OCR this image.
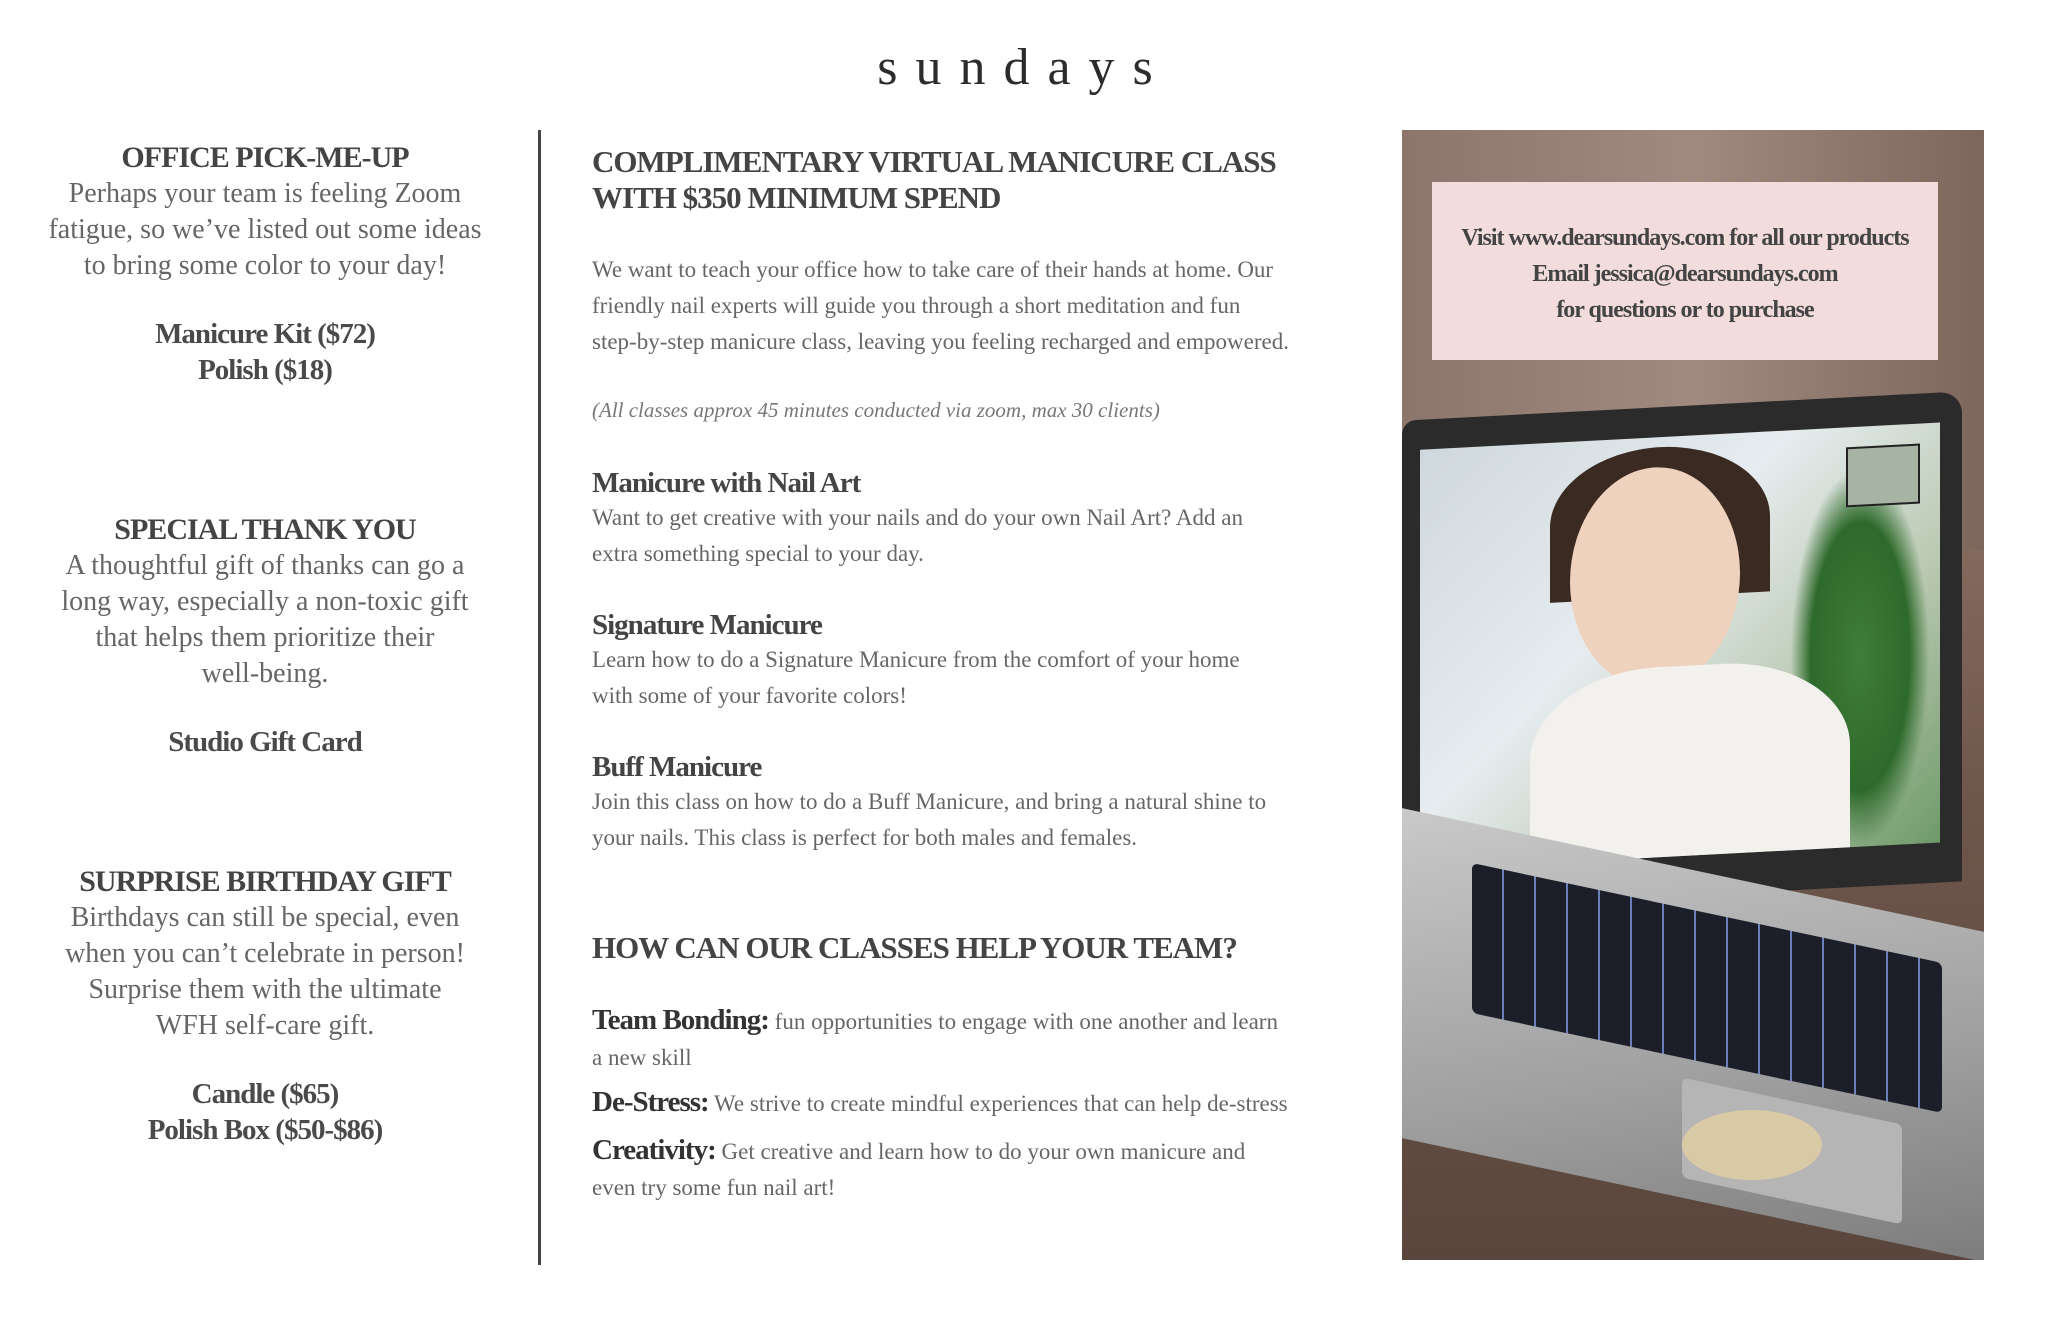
sundays
OFFICE PICK-ME-UP
Perhaps your team is feeling Zoom
fatigue, so we’ve listed out some ideas
to bring some color to your day!
Manicure Kit ($72)
Polish ($18)
SPECIAL THANK YOU
A thoughtful gift of thanks can go a
long way, especially a non-toxic gift
that helps them prioritize their
well-being.
Studio Gift Card
SURPRISE BIRTHDAY GIFT
Birthdays can still be special, even
when you can’t celebrate in person!
Surprise them with the ultimate
WFH self-care gift.
Candle ($65)
Polish Box ($50-$86)
COMPLIMENTARY VIRTUAL MANICURE CLASS
WITH $350 MINIMUM SPEND
We want to teach your office how to take care of their hands at home. Our
friendly nail experts will guide you through a short meditation and fun
step-by-step manicure class, leaving you feeling recharged and empowered.
(All classes approx 45 minutes conducted via zoom, max 30 clients)
Manicure with Nail Art
Want to get creative with your nails and do your own Nail Art? Add an
extra something special to your day.
Signature Manicure
Learn how to do a Signature Manicure from the comfort of your home
with some of your favorite colors!
Buff Manicure
Join this class on how to do a Buff Manicure, and bring a natural shine to
your nails. This class is perfect for both males and females.
HOW CAN OUR CLASSES HELP YOUR TEAM?
Team Bonding: fun opportunities to engage with one another and learn
a new skill
De-Stress: We strive to create mindful experiences that can help de-stress
Creativity: Get creative and learn how to do your own manicure and
even try some fun nail art!
Visit www.dearsundays.com for all our products
Email jessica@dearsundays.com
for questions or to purchase
